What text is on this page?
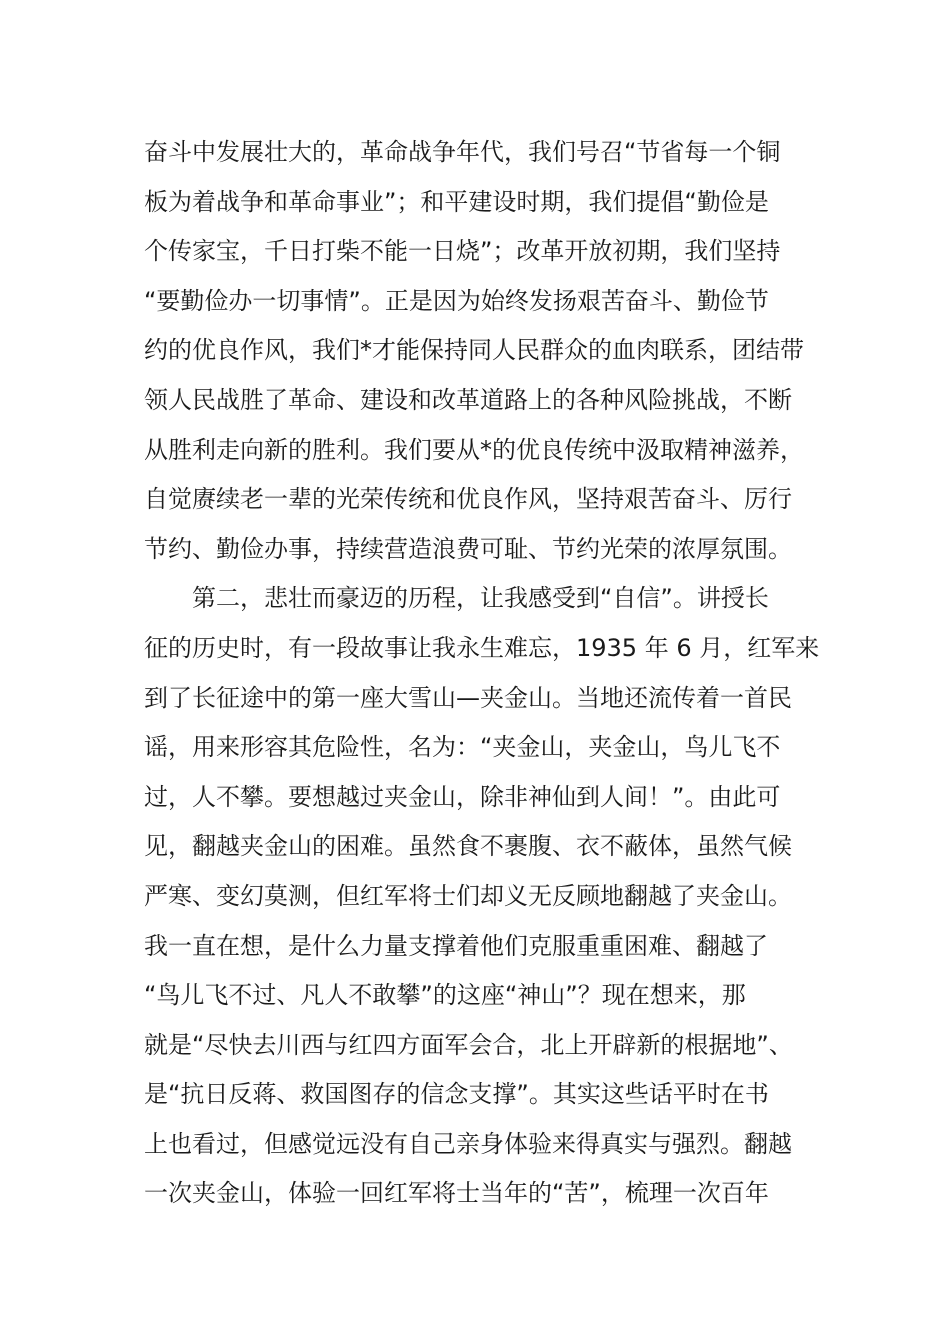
奋斗中发展壮大的，革命战争年代，我们号召“节省每一个铜
板为着战争和革命事业”；和平建设时期，我们提倡“勤俭是
个传家宝，千日打柴不能一日烧”；改革开放初期，我们坚持
“要勤俭办一切事情”。正是因为始终发扬艰苦奋斗、勤俭节
约的优良作风，我们*才能保持同人民群众的血肉联系，团结带
领人民战胜了革命、建设和改革道路上的各种风险挑战，不断
从胜利走向新的胜利。我们要从*的优良传统中汲取精神滋养，
自觉赓续老一辈的光荣传统和优良作风，坚持艰苦奋斗、厉行
节约、勤俭办事，持续营造浪费可耻、节约光荣的浓厚氛围。
　　第二，悲壮而豪迈的历程，让我感受到“自信”。讲授长
征的历史时，有一段故事让我永生难忘，1935 年 6 月，红军来
到了长征途中的第一座大雪山—夹金山。当地还流传着一首民
谣，用来形容其危险性，名为：“夹金山，夹金山，鸟儿飞不
过，人不攀。要想越过夹金山，除非神仙到人间！”。由此可
见，翻越夹金山的困难。虽然食不裹腹、衣不蔽体，虽然气候
严寒、变幻莫测，但红军将士们却义无反顾地翻越了夹金山。
我一直在想，是什么力量支撑着他们克服重重困难、翻越了
“鸟儿飞不过、凡人不敢攀”的这座“神山”？现在想来，那
就是“尽快去川西与红四方面军会合，北上开辟新的根据地”、
是“抗日反蒋、救国图存的信念支撑”。其实这些话平时在书
上也看过，但感觉远没有自己亲身体验来得真实与强烈。翻越
一次夹金山，体验一回红军将士当年的“苦”，梳理一次百年
